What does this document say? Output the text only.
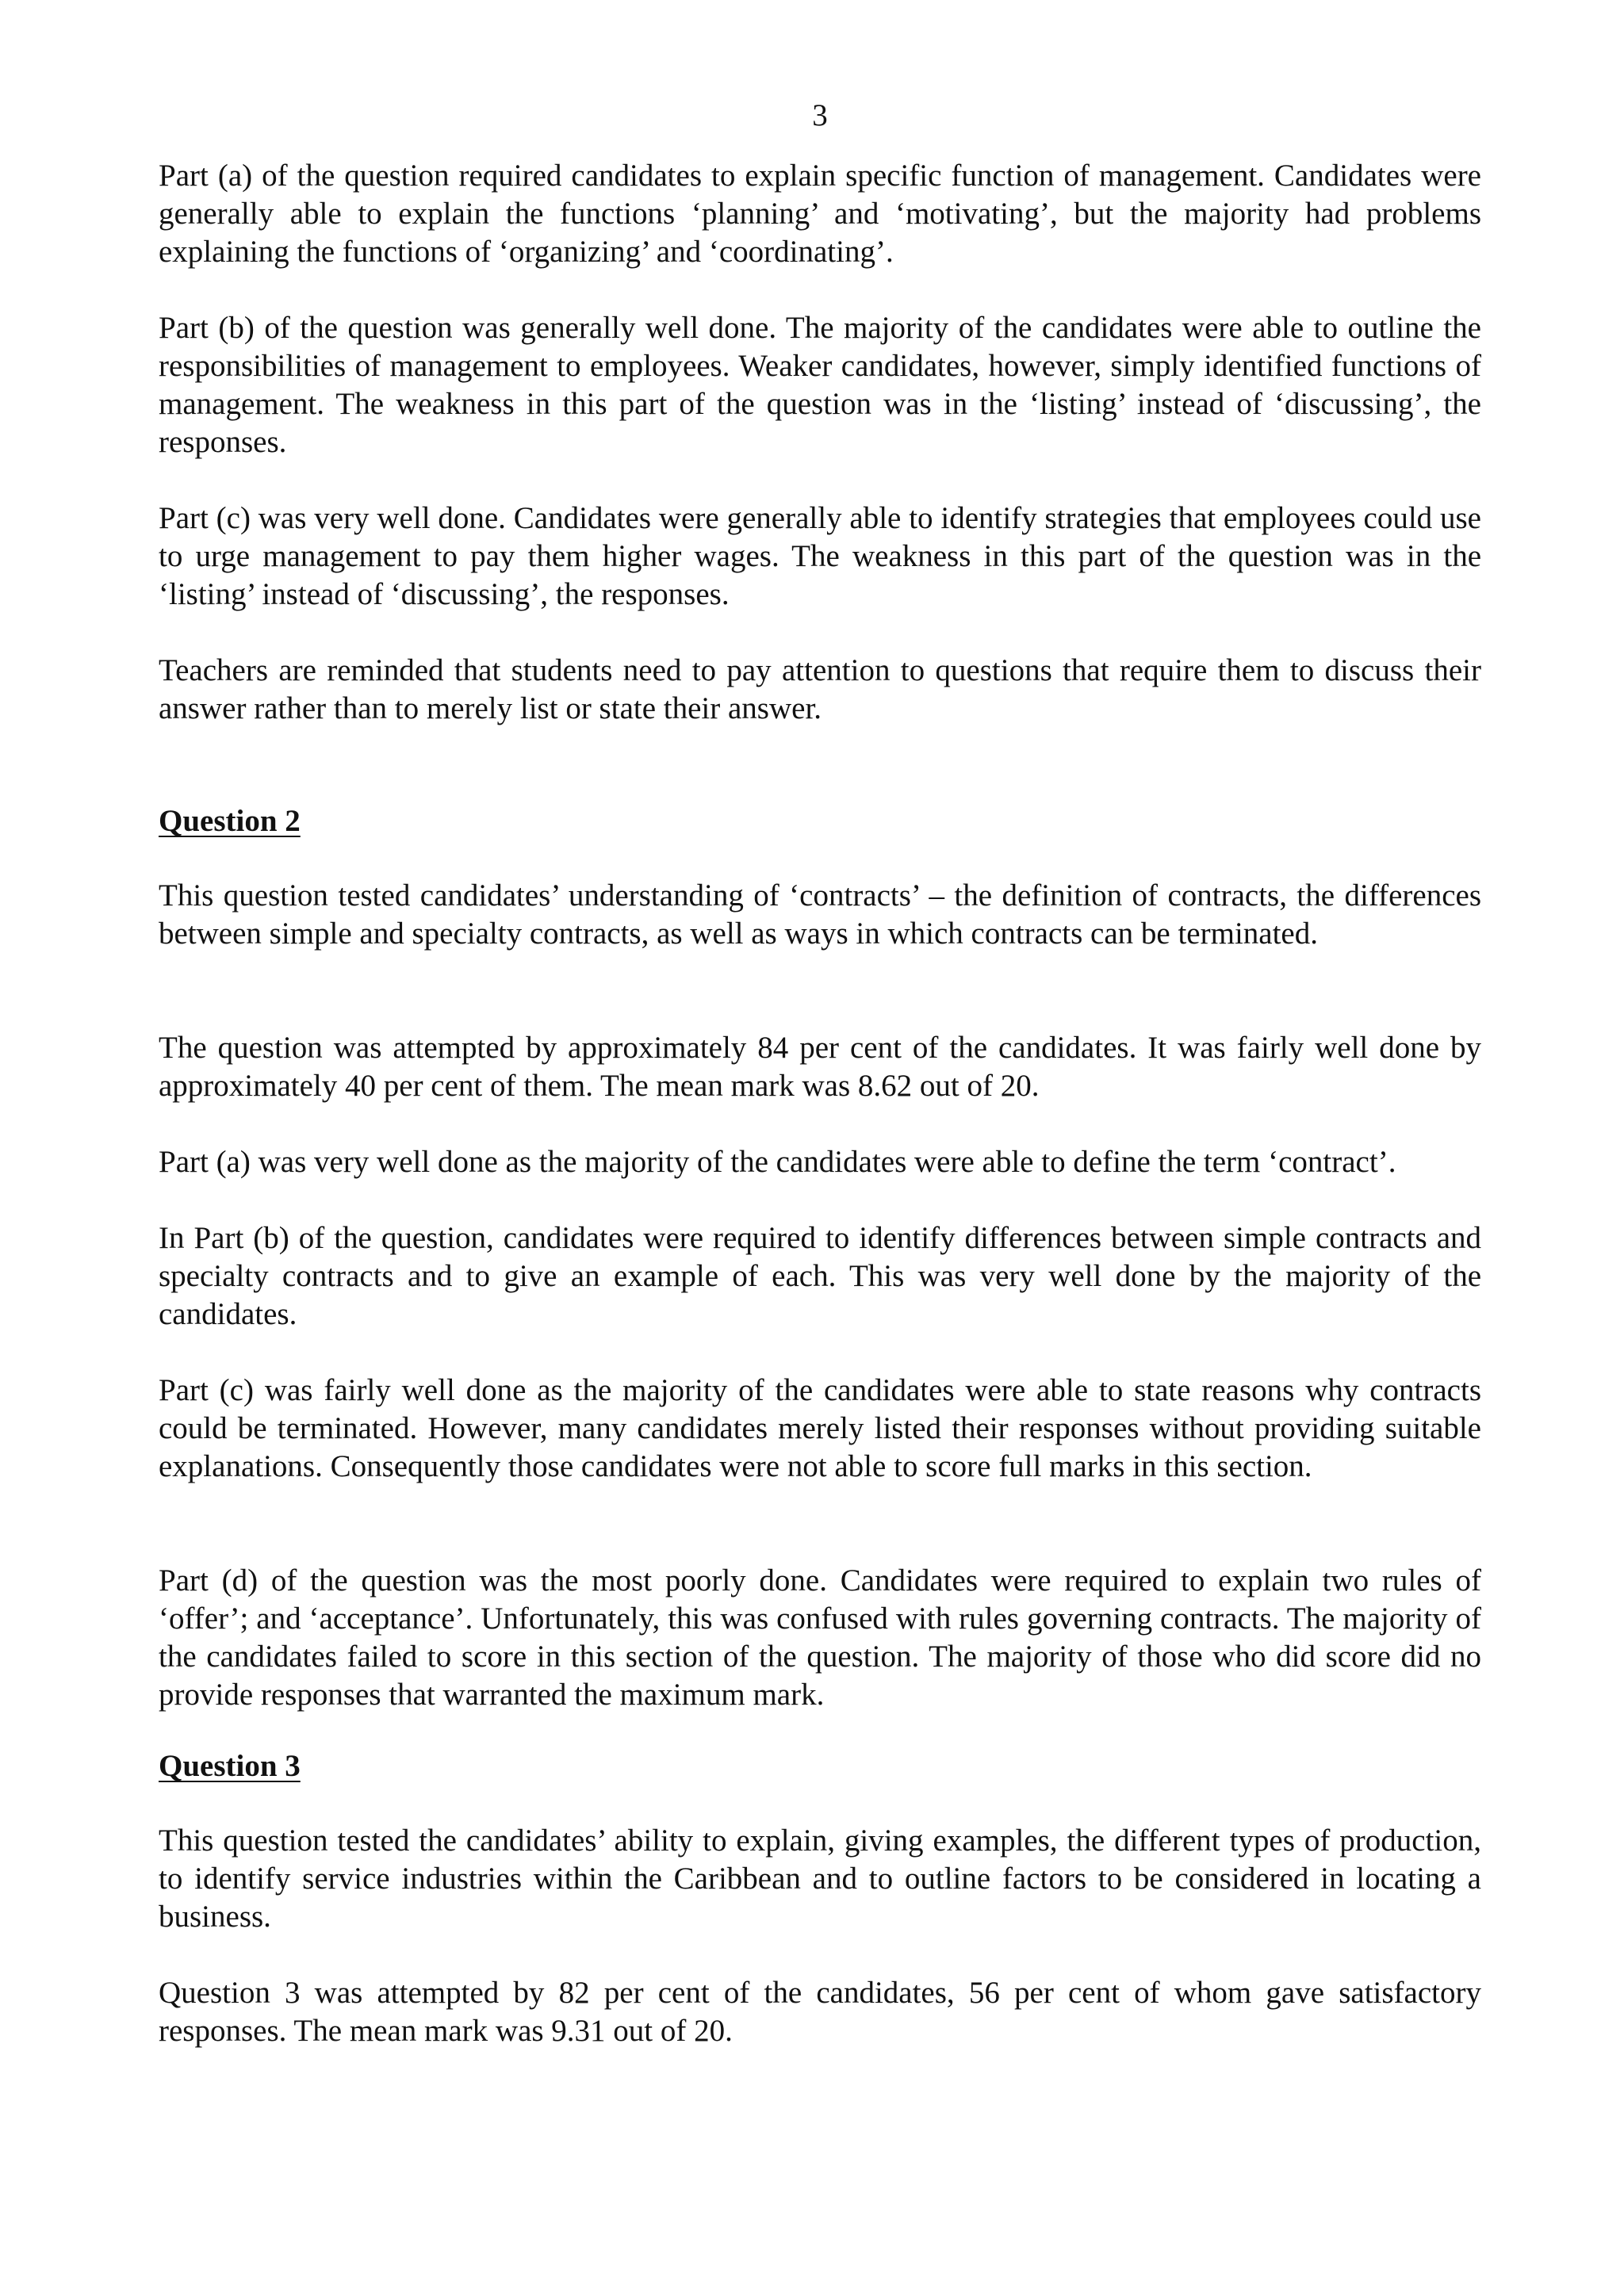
3

Part (a) of the question required candidates to explain specific function of management. Candidates were generally able to explain the functions ‘planning’ and ‘motivating’, but the majority had problems explaining the functions of ‘organizing’ and ‘coordinating’.

Part (b) of the question was generally well done. The majority of the candidates were able to outline the responsibilities of management to employees. Weaker candidates, however, simply identified functions of management. The weakness in this part of the question was in the ‘listing’ instead of ‘discussing’, the responses.

Part (c) was very well done. Candidates were generally able to identify strategies that employees could use to urge management to pay them higher wages. The weakness in this part of the question was in the ‘listing’ instead of ‘discussing’, the responses.

Teachers are reminded that students need to pay attention to questions that require them to discuss their answer rather than to merely list or state their answer.

Question 2

This question tested candidates’ understanding of ‘contracts’ – the definition of contracts, the differences between simple and specialty contracts, as well as ways in which contracts can be terminated.

The question was attempted by approximately 84 per cent of the candidates. It was fairly well done by approximately 40 per cent of them. The mean mark was 8.62 out of 20.

Part (a) was very well done as the majority of the candidates were able to define the term ‘contract’.

In Part (b) of the question, candidates were required to identify differences between simple contracts and specialty contracts and to give an example of each. This was very well done by the majority of the candidates.

Part (c) was fairly well done as the majority of the candidates were able to state reasons why contracts could be terminated. However, many candidates merely listed their responses without providing suitable explanations. Consequently those candidates were not able to score full marks in this section.

Part (d) of the question was the most poorly done. Candidates were required to explain two rules of ‘offer’; and ‘acceptance’. Unfortunately, this was confused with rules governing contracts. The majority of the candidates failed to score in this section of the question. The majority of those who did score did no provide responses that warranted the maximum mark.

Question 3

This question tested the candidates’ ability to explain, giving examples, the different types of production, to identify service industries within the Caribbean and to outline factors to be considered in locating a business.

Question 3 was attempted by 82 per cent of the candidates, 56 per cent of whom gave satisfactory responses. The mean mark was 9.31 out of 20.
